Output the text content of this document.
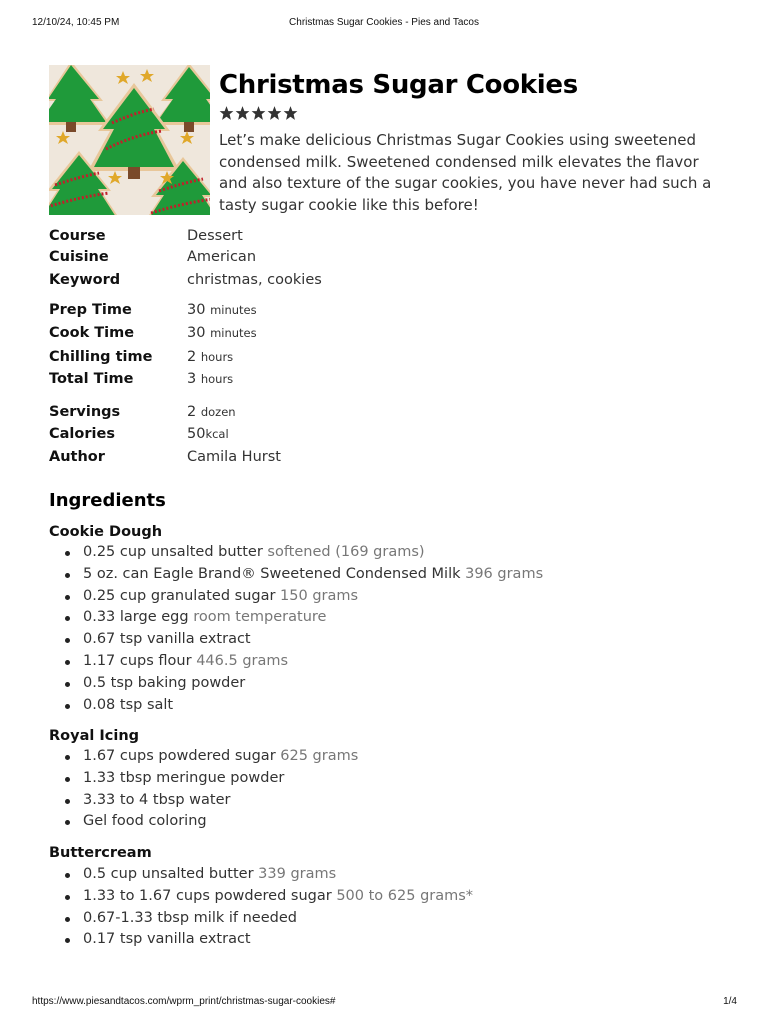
12/10/24, 10:45 PM	Christmas Sugar Cookies - Pies and Tacos
Christmas Sugar Cookies
Let’s make delicious Christmas Sugar Cookies using sweetened condensed milk. Sweetened condensed milk elevates the flavor and also texture of the sugar cookies, you have never had such a tasty sugar cookie like this before!
Course	Dessert
Cuisine	American
Keyword	christmas, cookies
Prep Time	30 minutes
Cook Time	30 minutes
Chilling time 2 hours
Total Time	3 hours
Servings	2 dozen
Calories	50kcal
Author	Camila Hurst
Ingredients
Cookie Dough
0.25 cup unsalted butter softened (169 grams)
5 oz. can Eagle Brand® Sweetened Condensed Milk 396 grams
0.25 cup granulated sugar 150 grams
0.33 large egg room temperature
0.67 tsp vanilla extract
1.17 cups flour 446.5 grams
0.5 tsp baking powder
0.08 tsp salt
Royal Icing
1.67 cups powdered sugar 625 grams
1.33 tbsp meringue powder
3.33 to 4 tbsp water
Gel food coloring
Buttercream
0.5 cup unsalted butter 339 grams
1.33 to 1.67 cups powdered sugar 500 to 625 grams*
0.67-1.33 tbsp milk if needed
0.17 tsp vanilla extract
https://www.piesandtacos.com/wprm_print/christmas-sugar-cookies#	1/4
